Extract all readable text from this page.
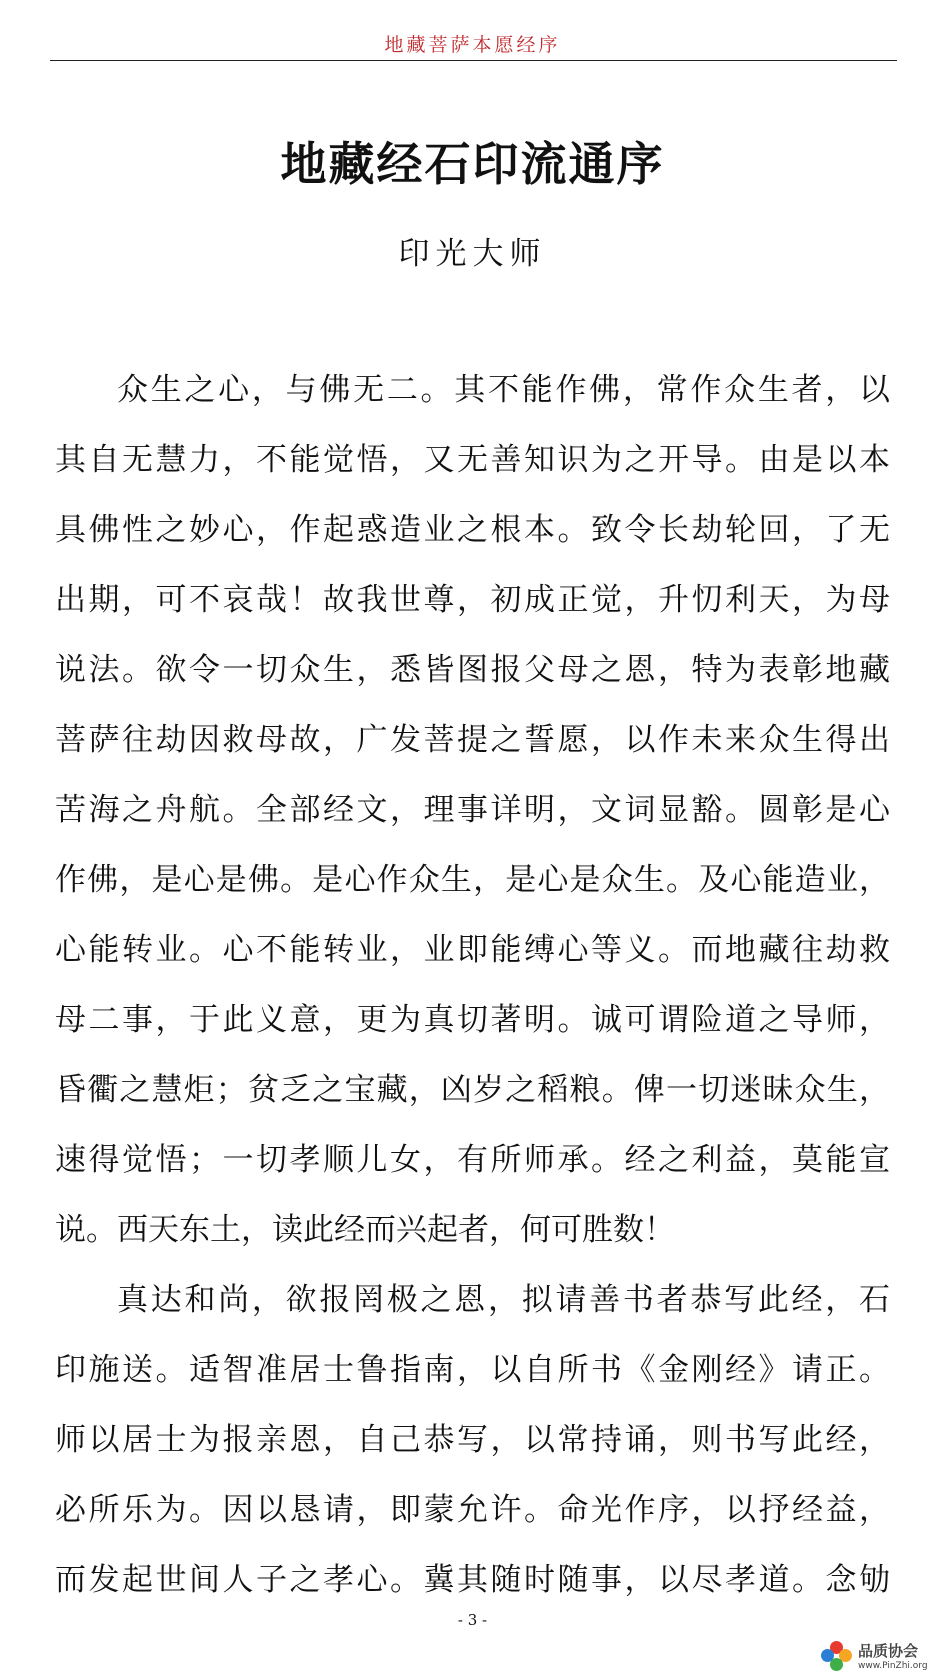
地藏菩萨本愿经序
地藏经石印流通序
印光大师
众生之心，与佛无二。其不能作佛，常作众生者，以
其自无慧力，不能觉悟，又无善知识为之开导。由是以本
具佛性之妙心，作起惑造业之根本。致令长劫轮回，了无
出期，可不哀哉！故我世尊，初成正觉，升忉利天，为母
说法。欲令一切众生，悉皆图报父母之恩，特为表彰地藏
菩萨往劫因救母故，广发菩提之誓愿，以作未来众生得出
苦海之舟航。全部经文，理事详明，文词显豁。圆彰是心
作佛，是心是佛。是心作众生，是心是众生。及心能造业，
心能转业。心不能转业，业即能缚心等义。而地藏往劫救
母二事，于此义意，更为真切著明。诚可谓险道之导师，
昏衢之慧炬；贫乏之宝藏，凶岁之稻粮。俾一切迷昧众生，
速得觉悟；一切孝顺儿女，有所师承。经之利益，莫能宣
说。西天东土，读此经而兴起者，何可胜数！
真达和尚，欲报罔极之恩，拟请善书者恭写此经，石
印施送。适智准居士鲁指南，以自所书《金刚经》请正。
师以居士为报亲恩，自己恭写，以常持诵，则书写此经，
必所乐为。因以恳请，即蒙允许。命光作序，以抒经益，
而发起世间人子之孝心。冀其随时随事，以尽孝道。念劬
- 3 -
品质协会
www.PinZhi.org
